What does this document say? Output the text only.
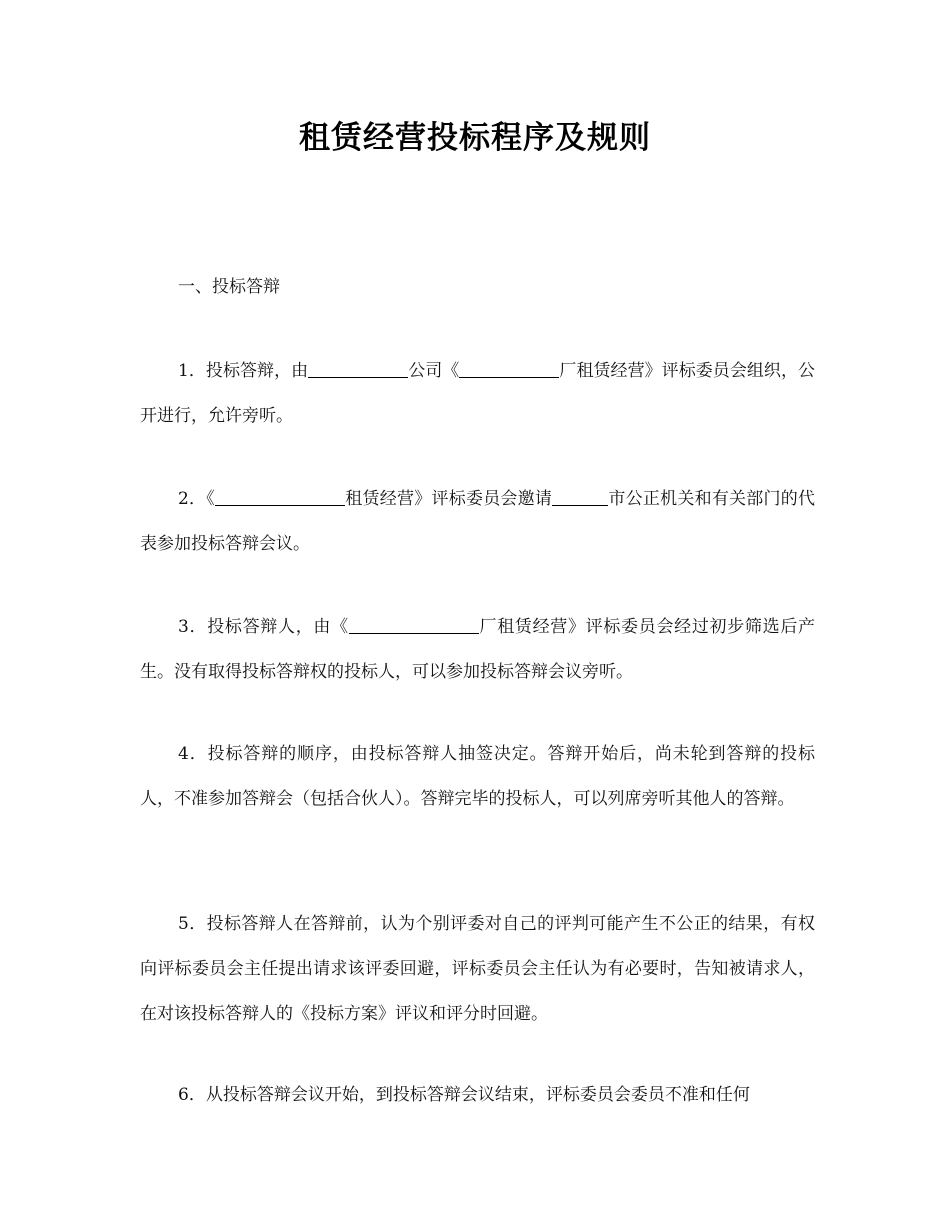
租赁经营投标程序及规则
一、投标答辩

1．投标答辩，由	公司《	厂租赁经营》评标委员会组织，公开进行，允许旁听。

2．《	租赁经营》评标委员会邀请	市公正机关和有关部门的代表参加投标答辩会议。

3．投标答辩人，由《	厂租赁经营》评标委员会经过初步筛选后产生。没有取得投标答辩权的投标人，可以参加投标答辩会议旁听。

4．投标答辩的顺序，由投标答辩人抽签决定。答辩开始后，尚未轮到答辩的投标人，不准参加答辩会（包括合伙人）。答辩完毕的投标人，可以列席旁听其他人的答辩。

5．投标答辩人在答辩前，认为个别评委对自己的评判可能产生不公正的结果，有权向评标委员会主任提出请求该评委回避，评标委员会主任认为有必要时，告知被请求人，在对该投标答辩人的《投标方案》评议和评分时回避。

6．从投标答辩会议开始，到投标答辩会议结束，评标委员会委员不准和任何
